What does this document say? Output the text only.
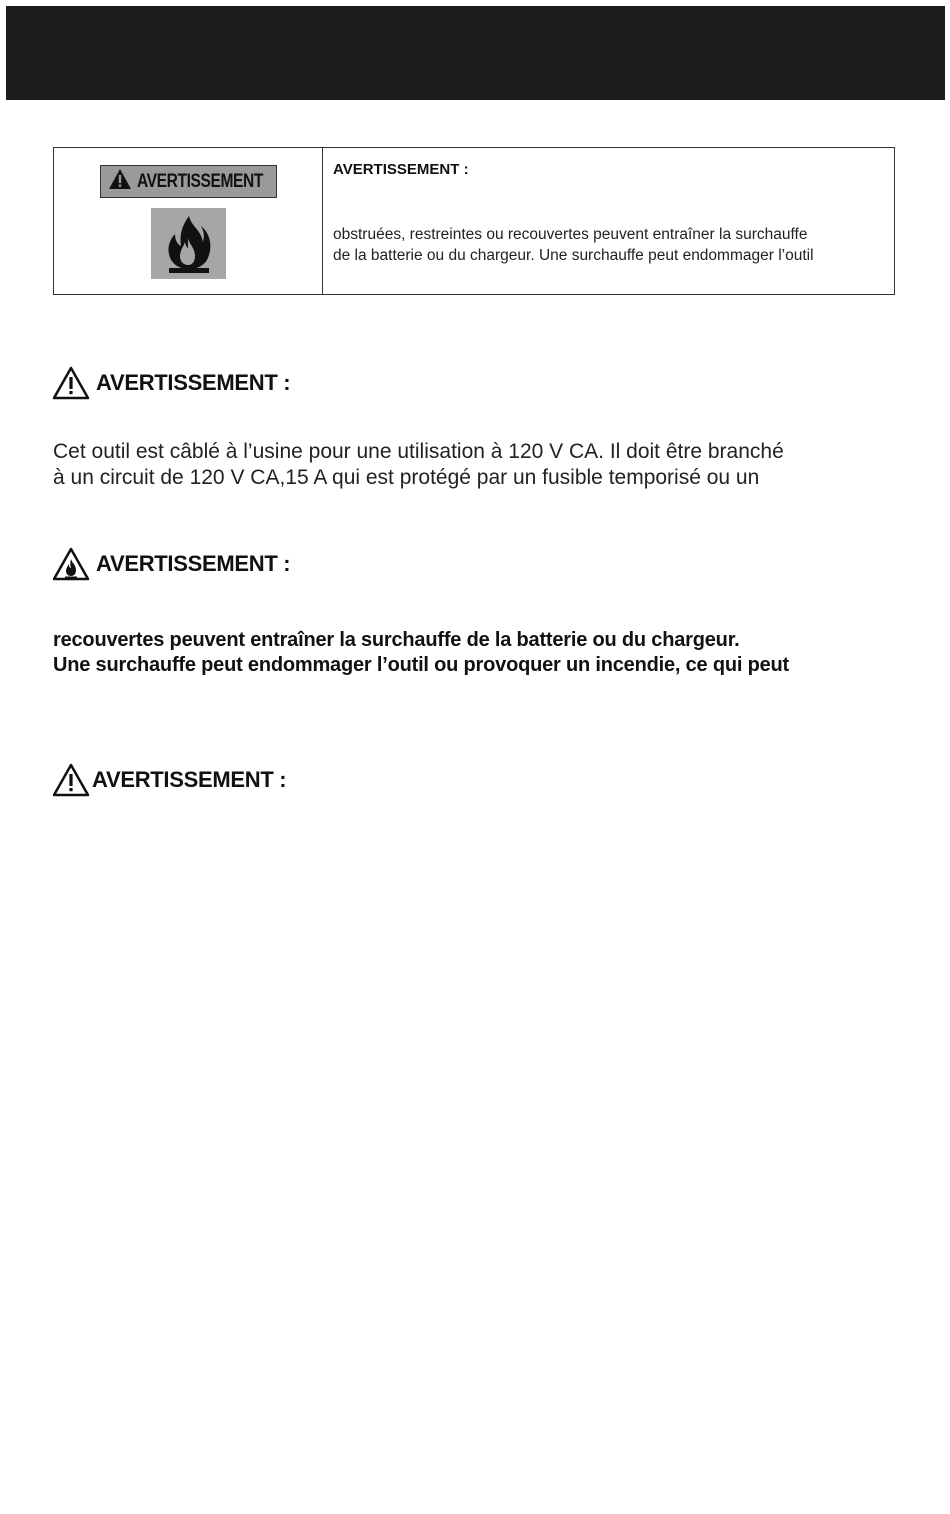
AVERTISSEMENT
AVERTISSEMENT :
obstruées, restreintes ou recouvertes peuvent entraîner la surchauffe
de la batterie ou du chargeur. Une surchauffe peut endommager l’outil
AVERTISSEMENT :
Cet outil est câblé à l’usine pour une utilisation à 120 V CA. Il doit être branché
à un circuit de 120 V CA,15 A qui est protégé par un fusible temporisé ou un
AVERTISSEMENT :
recouvertes peuvent entraîner la surchauffe de la batterie ou du chargeur.
Une surchauffe peut endommager l’outil ou provoquer un incendie, ce qui peut
AVERTISSEMENT :
